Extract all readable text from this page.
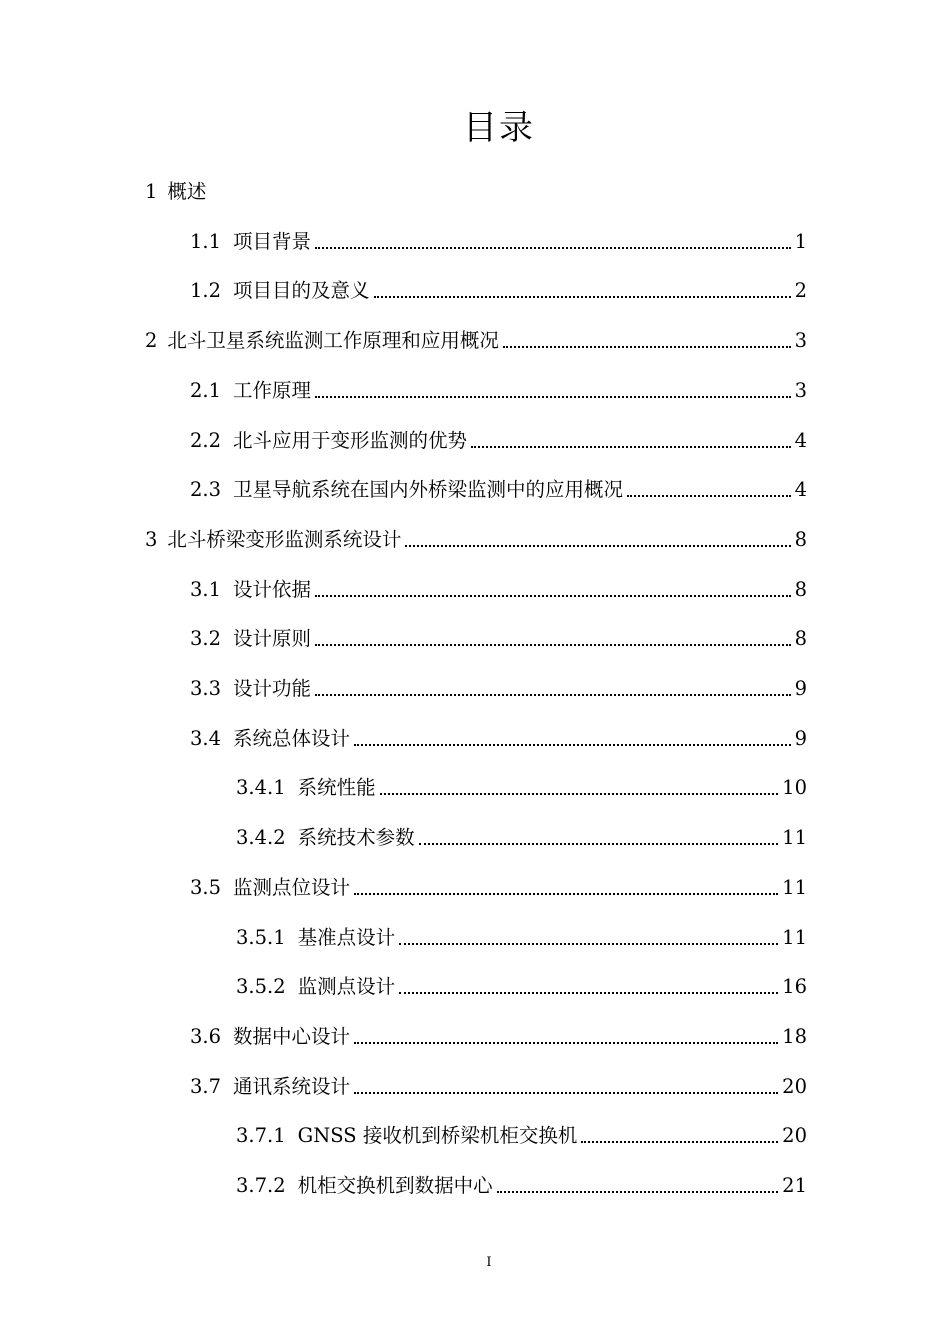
目录
1 概述
1.1 项目背景	1
1.2 项目目的及意义	2
2 北斗卫星系统监测工作原理和应用概况	3
2.1 工作原理	3
2.2 北斗应用于变形监测的优势	4
2.3 卫星导航系统在国内外桥梁监测中的应用概况	4
3 北斗桥梁变形监测系统设计	8
3.1 设计依据	8
3.2 设计原则	8
3.3 设计功能	9
3.4 系统总体设计	9
3.4.1 系统性能	10
3.4.2 系统技术参数	11
3.5 监测点位设计	11
3.5.1 基准点设计	11
3.5.2 监测点设计	16
3.6 数据中心设计	18
3.7 通讯系统设计	20
3.7.1 GNSS 接收机到桥梁机柜交换机	20
3.7.2 机柜交换机到数据中心	21
I
